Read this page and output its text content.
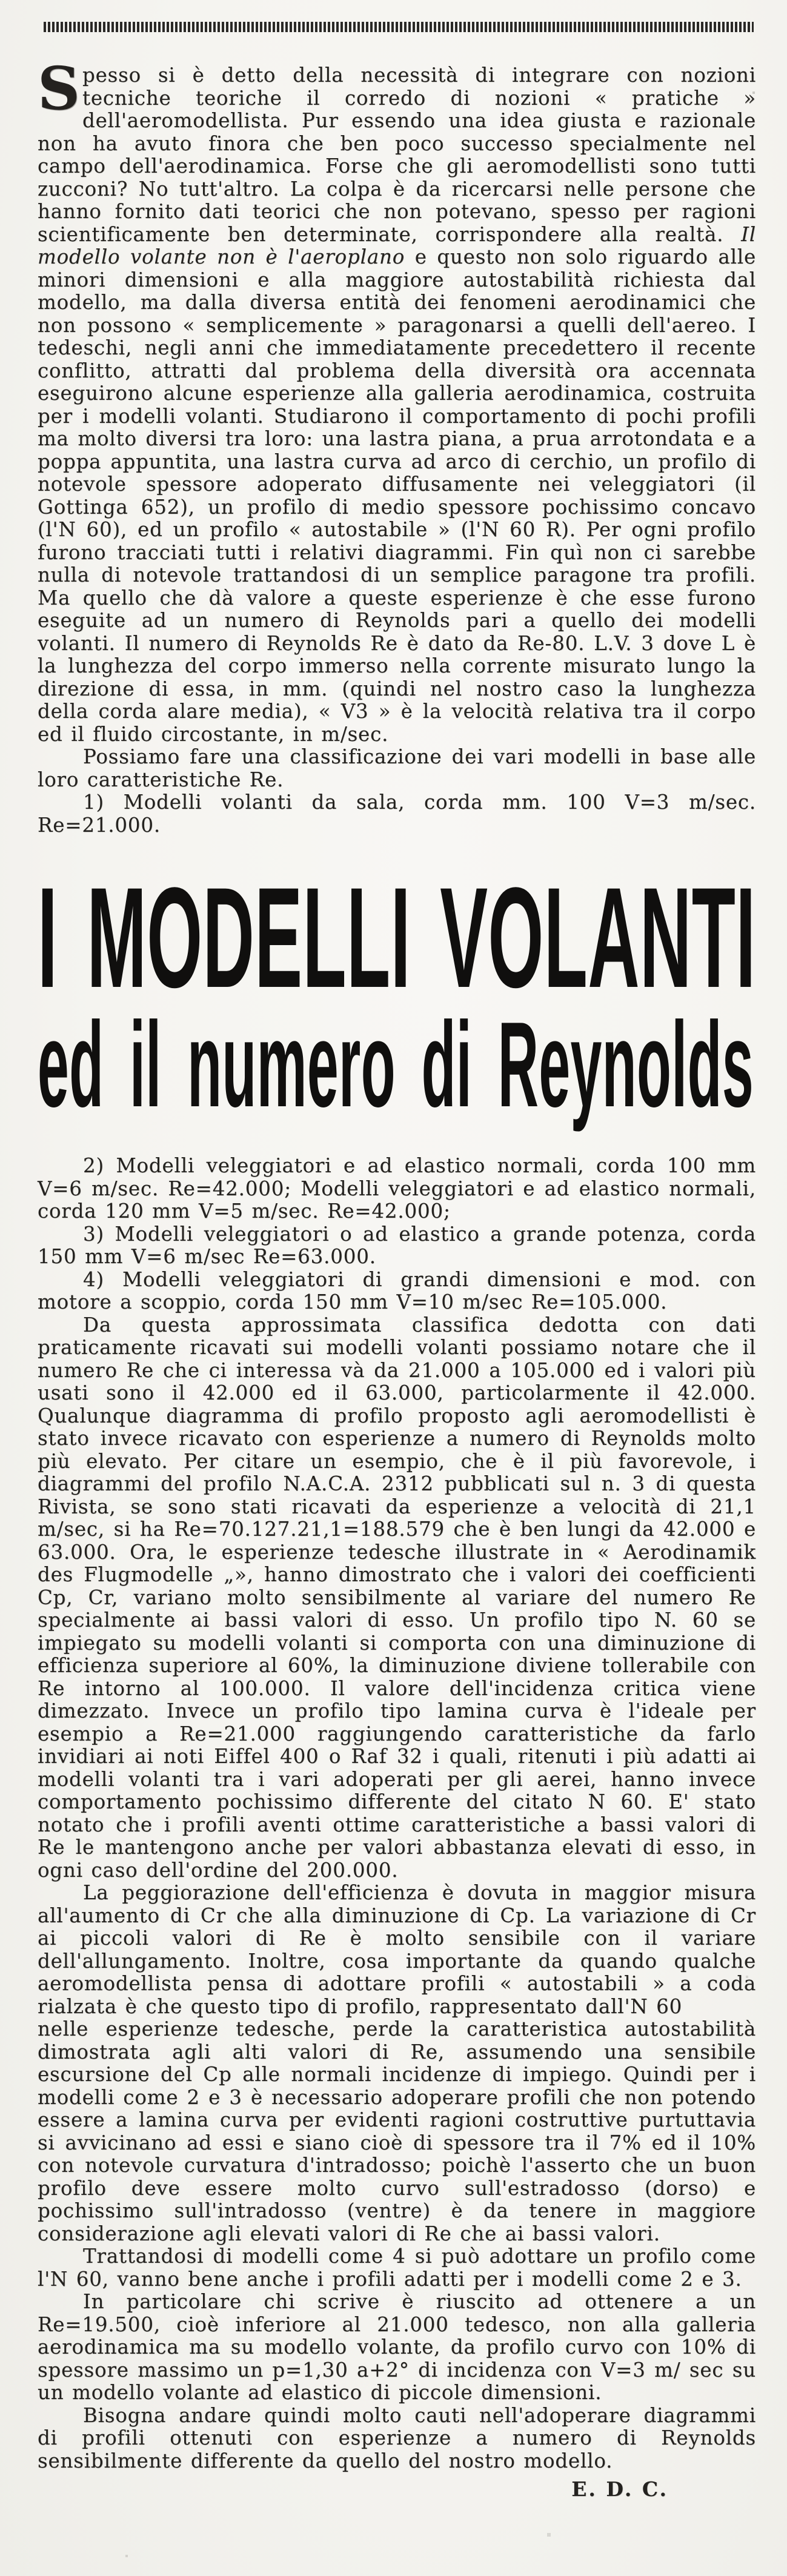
Spesso si è detto della necessità di integrare con nozioni tecniche teoriche il corredo di nozioni « pratiche » dell'aeromodellista. Pur essendo una idea giusta e razionale non ha avuto finora che ben poco successo specialmente nel campo dell'aerodinamica. Forse che gli aeromodellisti sono tutti zucconi? No tutt'altro. La colpa è da ricercarsi nelle persone che hanno fornito dati teorici che non potevano, spesso per ragioni scientificamente ben determinate, corrispondere alla realtà. Il modello volante non è l'aeroplano e questo non solo riguardo alle minori dimensioni e alla maggiore autostabilità richiesta dal modello, ma dalla diversa entità dei fenomeni aerodinamici che non possono « semplicemente » paragonarsi a quelli dell'aereo. I tedeschi, negli anni che immediatamente precedettero il recente conflitto, attratti dal problema della diversità ora accennata eseguirono alcune esperienze alla galleria aerodinamica, costruita per i modelli volanti. Studiarono il comportamento di pochi profili ma molto diversi tra loro: una lastra piana, a prua arrotondata e a poppa appuntita, una lastra curva ad arco di cerchio, un profilo di notevole spessore adoperato diffusamente nei veleggiatori (il Gottinga 652), un profilo di medio spessore pochissimo concavo (l'N 60), ed un profilo « autostabile » (l'N 60 R). Per ogni profilo furono tracciati tutti i relativi diagrammi. Fin quì non ci sarebbe nulla di notevole trattandosi di un semplice paragone tra profili. Ma quello che dà valore a queste esperienze è che esse furono eseguite ad un numero di Reynolds pari a quello dei modelli volanti. Il numero di Reynolds Re è dato da Re-80. L.V. 3 dove L è la lunghezza del corpo immerso nella corrente misurato lungo la direzione di essa, in mm. (quindi nel nostro caso la lunghezza della corda alare media), « V3 » è la velocità relativa tra il corpo ed il fluido circostante, in m/sec.

Possiamo fare una classificazione dei vari modelli in base alle loro caratteristiche Re.

1) Modelli volanti da sala, corda mm. 100 V=3 m/sec. Re=21.000.

I MODELLI VOLANTI
ed il numero di Reynolds

2) Modelli veleggiatori e ad elastico normali, corda 100 mm V=6 m/sec. Re=42.000; Modelli veleggiatori e ad elastico normali, corda 120 mm V=5 m/sec. Re=42.000;

3) Modelli veleggiatori o ad elastico a grande potenza, corda 150 mm V=6 m/sec Re=63.000.

4) Modelli veleggiatori di grandi dimensioni e mod. con motore a scoppio, corda 150 mm V=10 m/sec Re=105.000.

Da questa approssimata classifica dedotta con dati praticamente ricavati sui modelli volanti possiamo notare che il numero Re che ci interessa và da 21.000 a 105.000 ed i valori più usati sono il 42.000 ed il 63.000, particolarmente il 42.000. Qualunque diagramma di profilo proposto agli aeromodellisti è stato invece ricavato con esperienze a numero di Reynolds molto più elevato. Per citare un esempio, che è il più favorevole, i diagrammi del profilo N.A.C.A. 2312 pubblicati sul n. 3 di questa Rivista, se sono stati ricavati da esperienze a velocità di 21,1 m/sec, si ha Re=70.127.21,1=188.579 che è ben lungi da 42.000 e 63.000. Ora, le esperienze tedesche illustrate in « Aerodinamik des Flugmodelle „», hanno dimostrato che i valori dei coefficienti Cp, Cr, variano molto sensibilmente al variare del numero Re specialmente ai bassi valori di esso. Un profilo tipo N. 60 se impiegato su modelli volanti si comporta con una diminuzione di efficienza superiore al 60%, la diminuzione diviene tollerabile con Re intorno al 100.000. Il valore dell'incidenza critica viene dimezzato. Invece un profilo tipo lamina curva è l'ideale per esempio a Re=21.000 raggiungendo caratteristiche da farlo invidiari ai noti Eiffel 400 o Raf 32 i quali, ritenuti i più adatti ai modelli volanti tra i vari adoperati per gli aerei, hanno invece comportamento pochissimo differente del citato N 60. E' stato notato che i profili aventi ottime caratteristiche a bassi valori di Re le mantengono anche per valori abbastanza elevati di esso, in ogni caso dell'ordine del 200.000.

La peggiorazione dell'efficienza è dovuta in maggior misura all'aumento di Cr che alla diminuzione di Cp. La variazione di Cr ai piccoli valori di Re è molto sensibile con il variare dell'allungamento. Inoltre, cosa importante da quando qualche aeromodellista pensa di adottare profili « autostabili » a coda rialzata è che questo tipo di profilo, rappresentato dall'N 60

nelle esperienze tedesche, perde la caratteristica autostabilità dimostrata agli alti valori di Re, assumendo una sensibile escursione del Cp alle normali incidenze di impiego. Quindi per i modelli come 2 e 3 è necessario adoperare profili che non potendo essere a lamina curva per evidenti ragioni costruttive purtuttavia si avvicinano ad essi e siano cioè di spessore tra il 7% ed il 10% con notevole curvatura d'intradosso; poichè l'asserto che un buon profilo deve essere molto curvo sull'estradosso (dorso) e pochissimo sull'intradosso (ventre) è da tenere in maggiore considerazione agli elevati valori di Re che ai bassi valori.

Trattandosi di modelli come 4 si può adottare un profilo come l'N 60, vanno bene anche i profili adatti per i modelli come 2 e 3.

In particolare chi scrive è riuscito ad ottenere a un Re=19.500, cioè inferiore al 21.000 tedesco, non alla galleria aerodinamica ma su modello volante, da profilo curvo con 10% di spessore massimo un p=1,30 a+2° di incidenza con V=3 m/ sec su un modello volante ad elastico di piccole dimensioni.

Bisogna andare quindi molto cauti nell'adoperare diagrammi di profili ottenuti con esperienze a numero di Reynolds sensibilmente differente da quello del nostro modello.

E. D. C.
